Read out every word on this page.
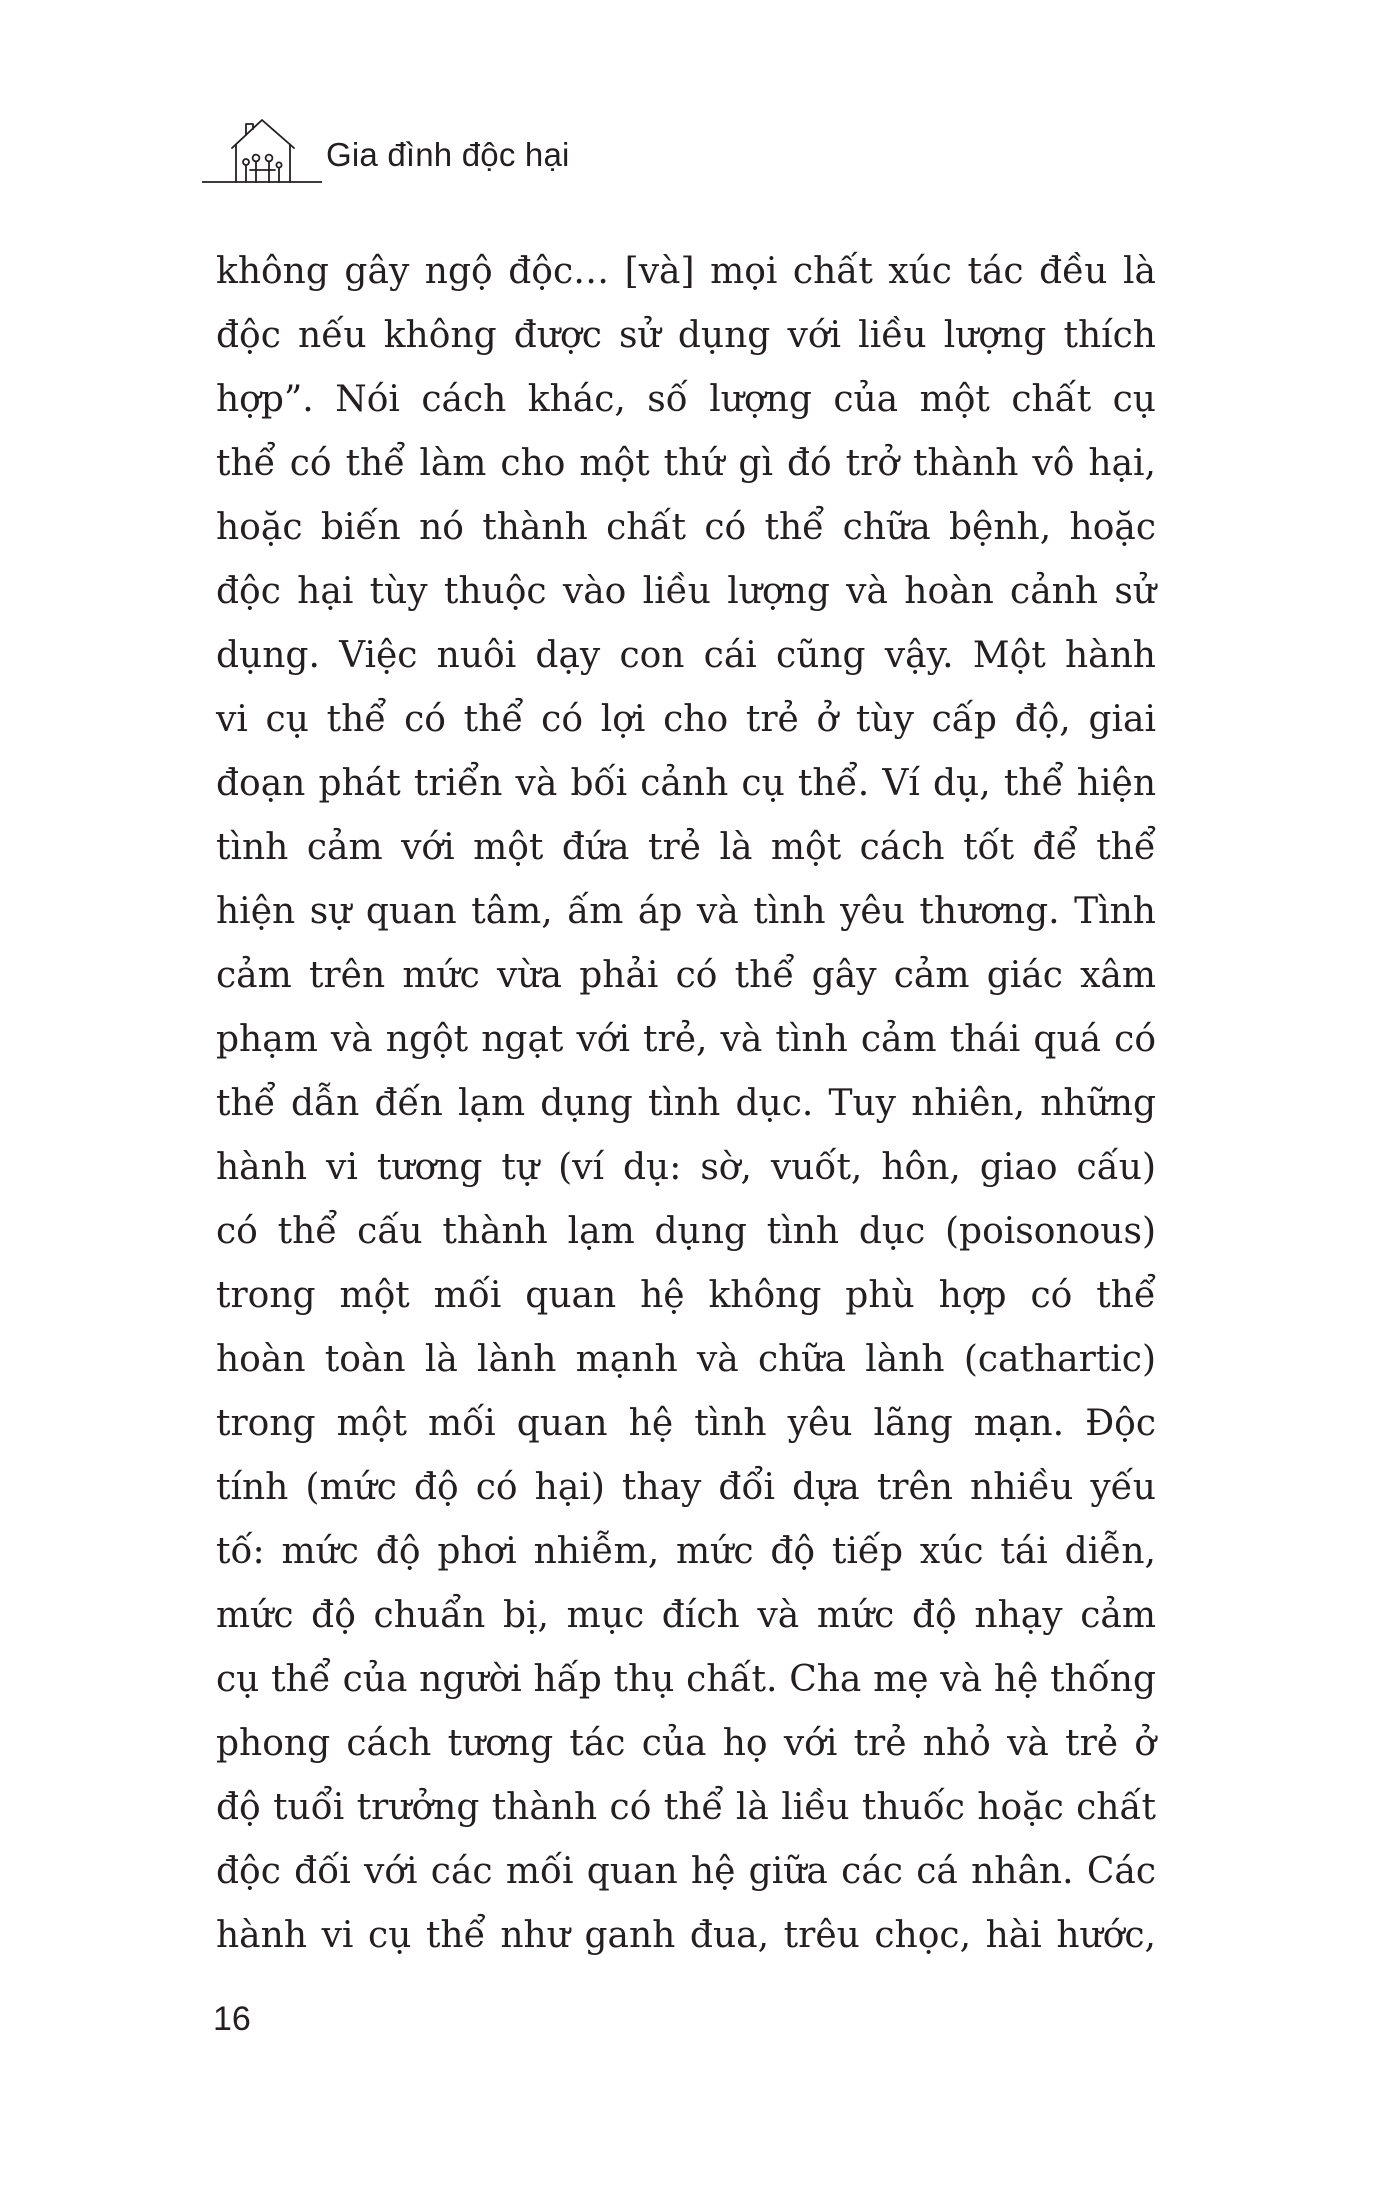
Gia đình độc hại
không gây ngộ độc… [và] mọi chất xúc tác đều là
độc nếu không được sử dụng với liều lượng thích
hợp”. Nói cách khác, số lượng của một chất cụ
thể có thể làm cho một thứ gì đó trở thành vô hại,
hoặc biến nó thành chất có thể chữa bệnh, hoặc
độc hại tùy thuộc vào liều lượng và hoàn cảnh sử
dụng. Việc nuôi dạy con cái cũng vậy. Một hành
vi cụ thể có thể có lợi cho trẻ ở tùy cấp độ, giai
đoạn phát triển và bối cảnh cụ thể. Ví dụ, thể hiện
tình cảm với một đứa trẻ là một cách tốt để thể
hiện sự quan tâm, ấm áp và tình yêu thương. Tình
cảm trên mức vừa phải có thể gây cảm giác xâm
phạm và ngột ngạt với trẻ, và tình cảm thái quá có
thể dẫn đến lạm dụng tình dục. Tuy nhiên, những
hành vi tương tự (ví dụ: sờ, vuốt, hôn, giao cấu)
có thể cấu thành lạm dụng tình dục (poisonous)
trong một mối quan hệ không phù hợp có thể
hoàn toàn là lành mạnh và chữa lành (cathartic)
trong một mối quan hệ tình yêu lãng mạn. Độc
tính (mức độ có hại) thay đổi dựa trên nhiều yếu
tố: mức độ phơi nhiễm, mức độ tiếp xúc tái diễn,
mức độ chuẩn bị, mục đích và mức độ nhạy cảm
cụ thể của người hấp thụ chất. Cha mẹ và hệ thống
phong cách tương tác của họ với trẻ nhỏ và trẻ ở
độ tuổi trưởng thành có thể là liều thuốc hoặc chất
độc đối với các mối quan hệ giữa các cá nhân. Các
hành vi cụ thể như ganh đua, trêu chọc, hài hước,
16
